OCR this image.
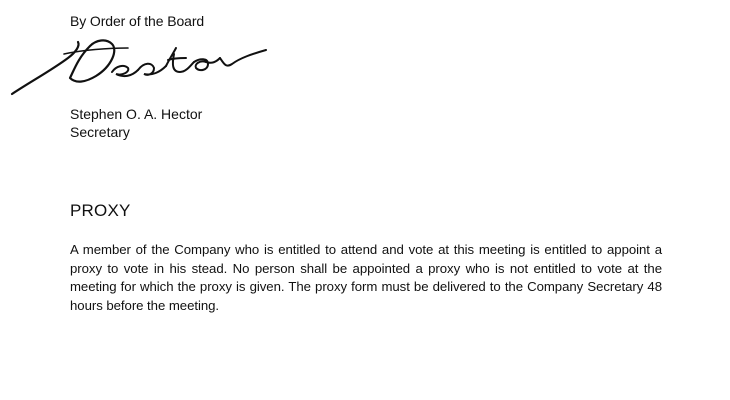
By Order of the Board
Stephen O. A. Hector
Secretary
PROXY
A member of the Company who is entitled to attend and vote at this meeting is entitled to appoint a proxy to vote in his stead. No person shall be appointed a proxy who is not entitled to vote at the meeting for which the proxy is given. The proxy form must be delivered to the Company Secretary 48 hours before the meeting.
